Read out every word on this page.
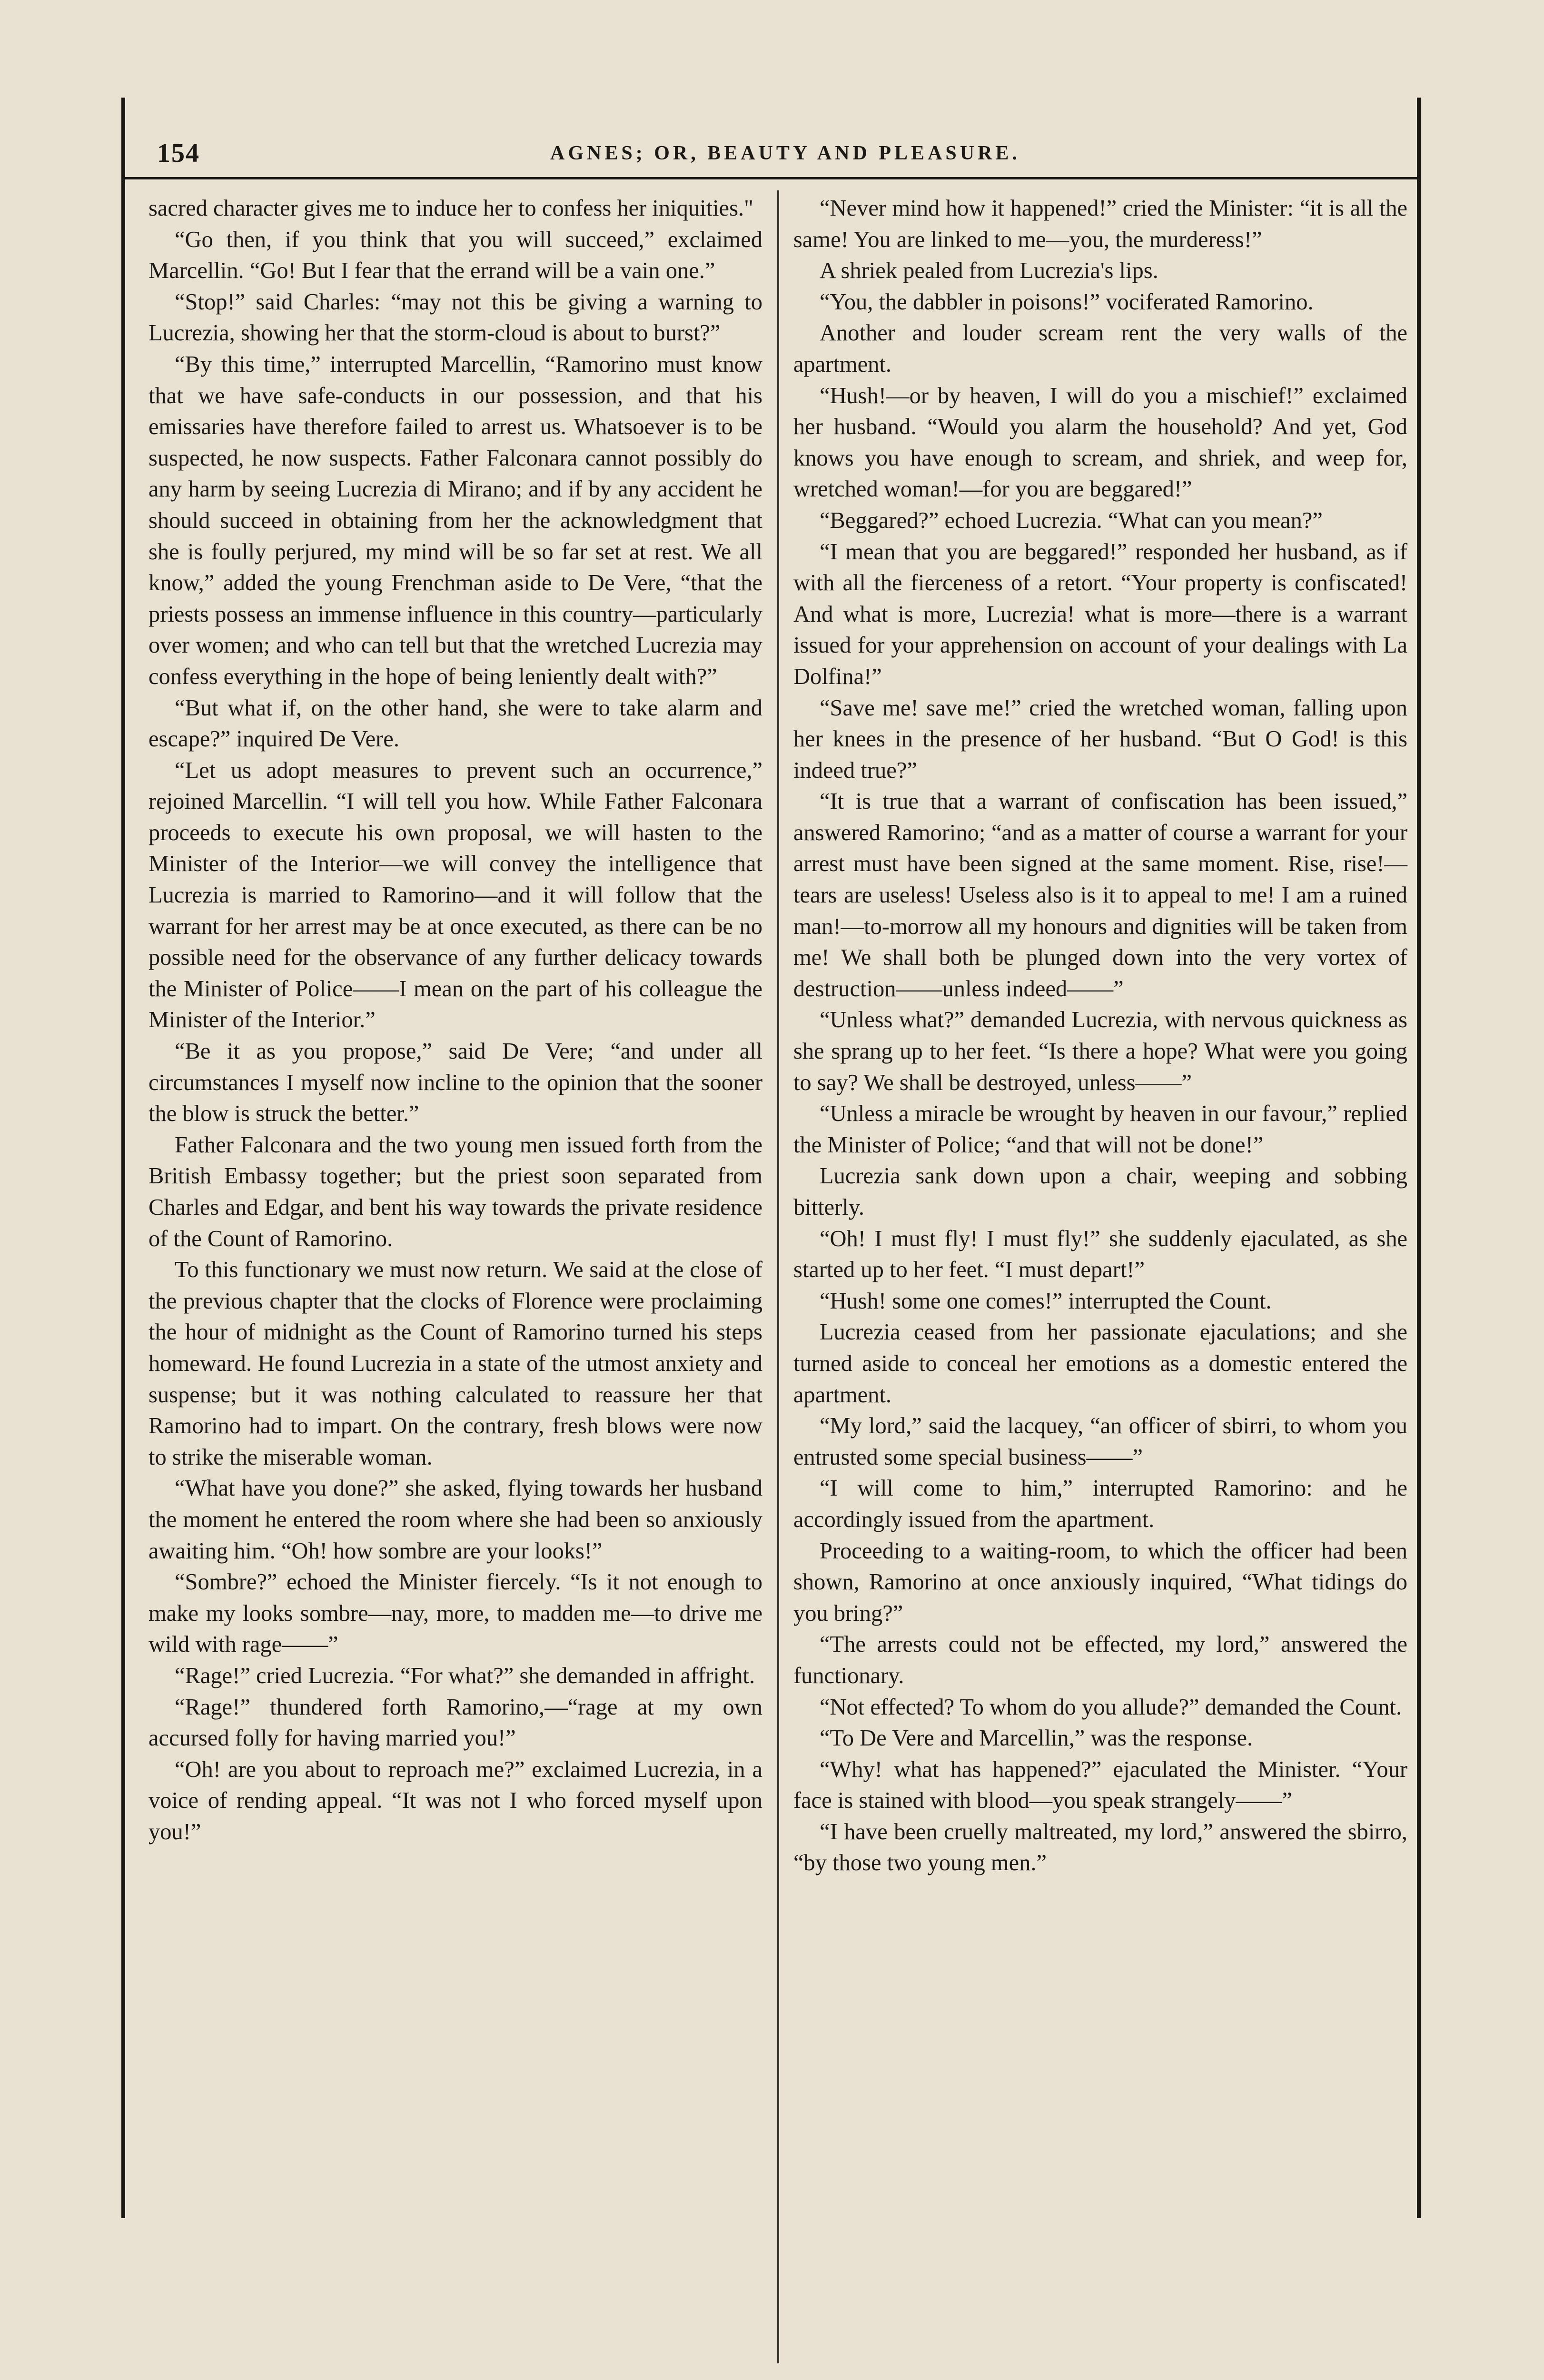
154	AGNES; OR, BEAUTY AND PLEASURE.

sacred character gives me to induce her to confess her iniquities."

“Go then, if you think that you will succeed,” exclaimed Marcellin. “Go! But I fear that the errand will be a vain one.”

“Stop!” said Charles: “may not this be giving a warning to Lucrezia, showing her that the storm-cloud is about to burst?”

“By this time,” interrupted Marcellin, “Ramorino must know that we have safe-conducts in our possession, and that his emissaries have therefore failed to arrest us. Whatsoever is to be suspected, he now suspects. Father Falconara cannot possibly do any harm by seeing Lucrezia di Mirano; and if by any accident he should succeed in obtaining from her the acknowledgment that she is foully perjured, my mind will be so far set at rest. We all know,” added the young Frenchman aside to De Vere, “that the priests possess an immense influence in this country—particularly over women; and who can tell but that the wretched Lucrezia may confess everything in the hope of being leniently dealt with?”

“But what if, on the other hand, she were to take alarm and escape?” inquired De Vere.

“Let us adopt measures to prevent such an occurrence,” rejoined Marcellin. “I will tell you how. While Father Falconara proceeds to execute his own proposal, we will hasten to the Minister of the Interior—we will convey the intelligence that Lucrezia is married to Ramorino—and it will follow that the warrant for her arrest may be at once executed, as there can be no possible need for the observance of any further delicacy towards the Minister of Police——I mean on the part of his colleague the Minister of the Interior.”

“Be it as you propose,” said De Vere; “and under all circumstances I myself now incline to the opinion that the sooner the blow is struck the better.”

Father Falconara and the two young men issued forth from the British Embassy together; but the priest soon separated from Charles and Edgar, and bent his way towards the private residence of the Count of Ramorino.

To this functionary we must now return. We said at the close of the previous chapter that the clocks of Florence were proclaiming the hour of midnight as the Count of Ramorino turned his steps homeward. He found Lucrezia in a state of the utmost anxiety and suspense; but it was nothing calculated to reassure her that Ramorino had to impart. On the contrary, fresh blows were now to strike the miserable woman.

“What have you done?” she asked, flying towards her husband the moment he entered the room where she had been so anxiously awaiting him. “Oh! how sombre are your looks!”

“Sombre?” echoed the Minister fiercely. “Is it not enough to make my looks sombre—nay, more, to madden me—to drive me wild with rage——”

“Rage!” cried Lucrezia. “For what?” she demanded in affright.

“Rage!” thundered forth Ramorino,—“rage at my own accursed folly for having married you!”

“Oh! are you about to reproach me?” exclaimed Lucrezia, in a voice of rending appeal. “It was not I who forced myself upon you!”

“Never mind how it happened!” cried the Minister: “it is all the same! You are linked to me—you, the murderess!”

A shriek pealed from Lucrezia's lips.

“You, the dabbler in poisons!” vociferated Ramorino.

Another and louder scream rent the very walls of the apartment.

“Hush!—or by heaven, I will do you a mischief!” exclaimed her husband. “Would you alarm the household? And yet, God knows you have enough to scream, and shriek, and weep for, wretched woman!—for you are beggared!”

“Beggared?” echoed Lucrezia. “What can you mean?”

“I mean that you are beggared!” responded her husband, as if with all the fierceness of a retort. “Your property is confiscated! And what is more, Lucrezia! what is more—there is a warrant issued for your apprehension on account of your dealings with La Dolfina!”

“Save me! save me!” cried the wretched woman, falling upon her knees in the presence of her husband. “But O God! is this indeed true?”

“It is true that a warrant of confiscation has been issued,” answered Ramorino; “and as a matter of course a warrant for your arrest must have been signed at the same moment. Rise, rise!—tears are useless! Useless also is it to appeal to me! I am a ruined man!—to-morrow all my honours and dignities will be taken from me! We shall both be plunged down into the very vortex of destruction——unless indeed——”

“Unless what?” demanded Lucrezia, with nervous quickness as she sprang up to her feet. “Is there a hope? What were you going to say? We shall be destroyed, unless——”

“Unless a miracle be wrought by heaven in our favour,” replied the Minister of Police; “and that will not be done!”

Lucrezia sank down upon a chair, weeping and sobbing bitterly.

“Oh! I must fly! I must fly!” she suddenly ejaculated, as she started up to her feet. “I must depart!”

“Hush! some one comes!” interrupted the Count.

Lucrezia ceased from her passionate ejaculations; and she turned aside to conceal her emotions as a domestic entered the apartment.

“My lord,” said the lacquey, “an officer of sbirri, to whom you entrusted some special business——”

“I will come to him,” interrupted Ramorino: and he accordingly issued from the apartment.

Proceeding to a waiting-room, to which the officer had been shown, Ramorino at once anxiously inquired, “What tidings do you bring?”

“The arrests could not be effected, my lord,” answered the functionary.

“Not effected? To whom do you allude?” demanded the Count.

“To De Vere and Marcellin,” was the response.

“Why! what has happened?” ejaculated the Minister. “Your face is stained with blood—you speak strangely——”

“I have been cruelly maltreated, my lord,” answered the sbirro, “by those two young men.”
